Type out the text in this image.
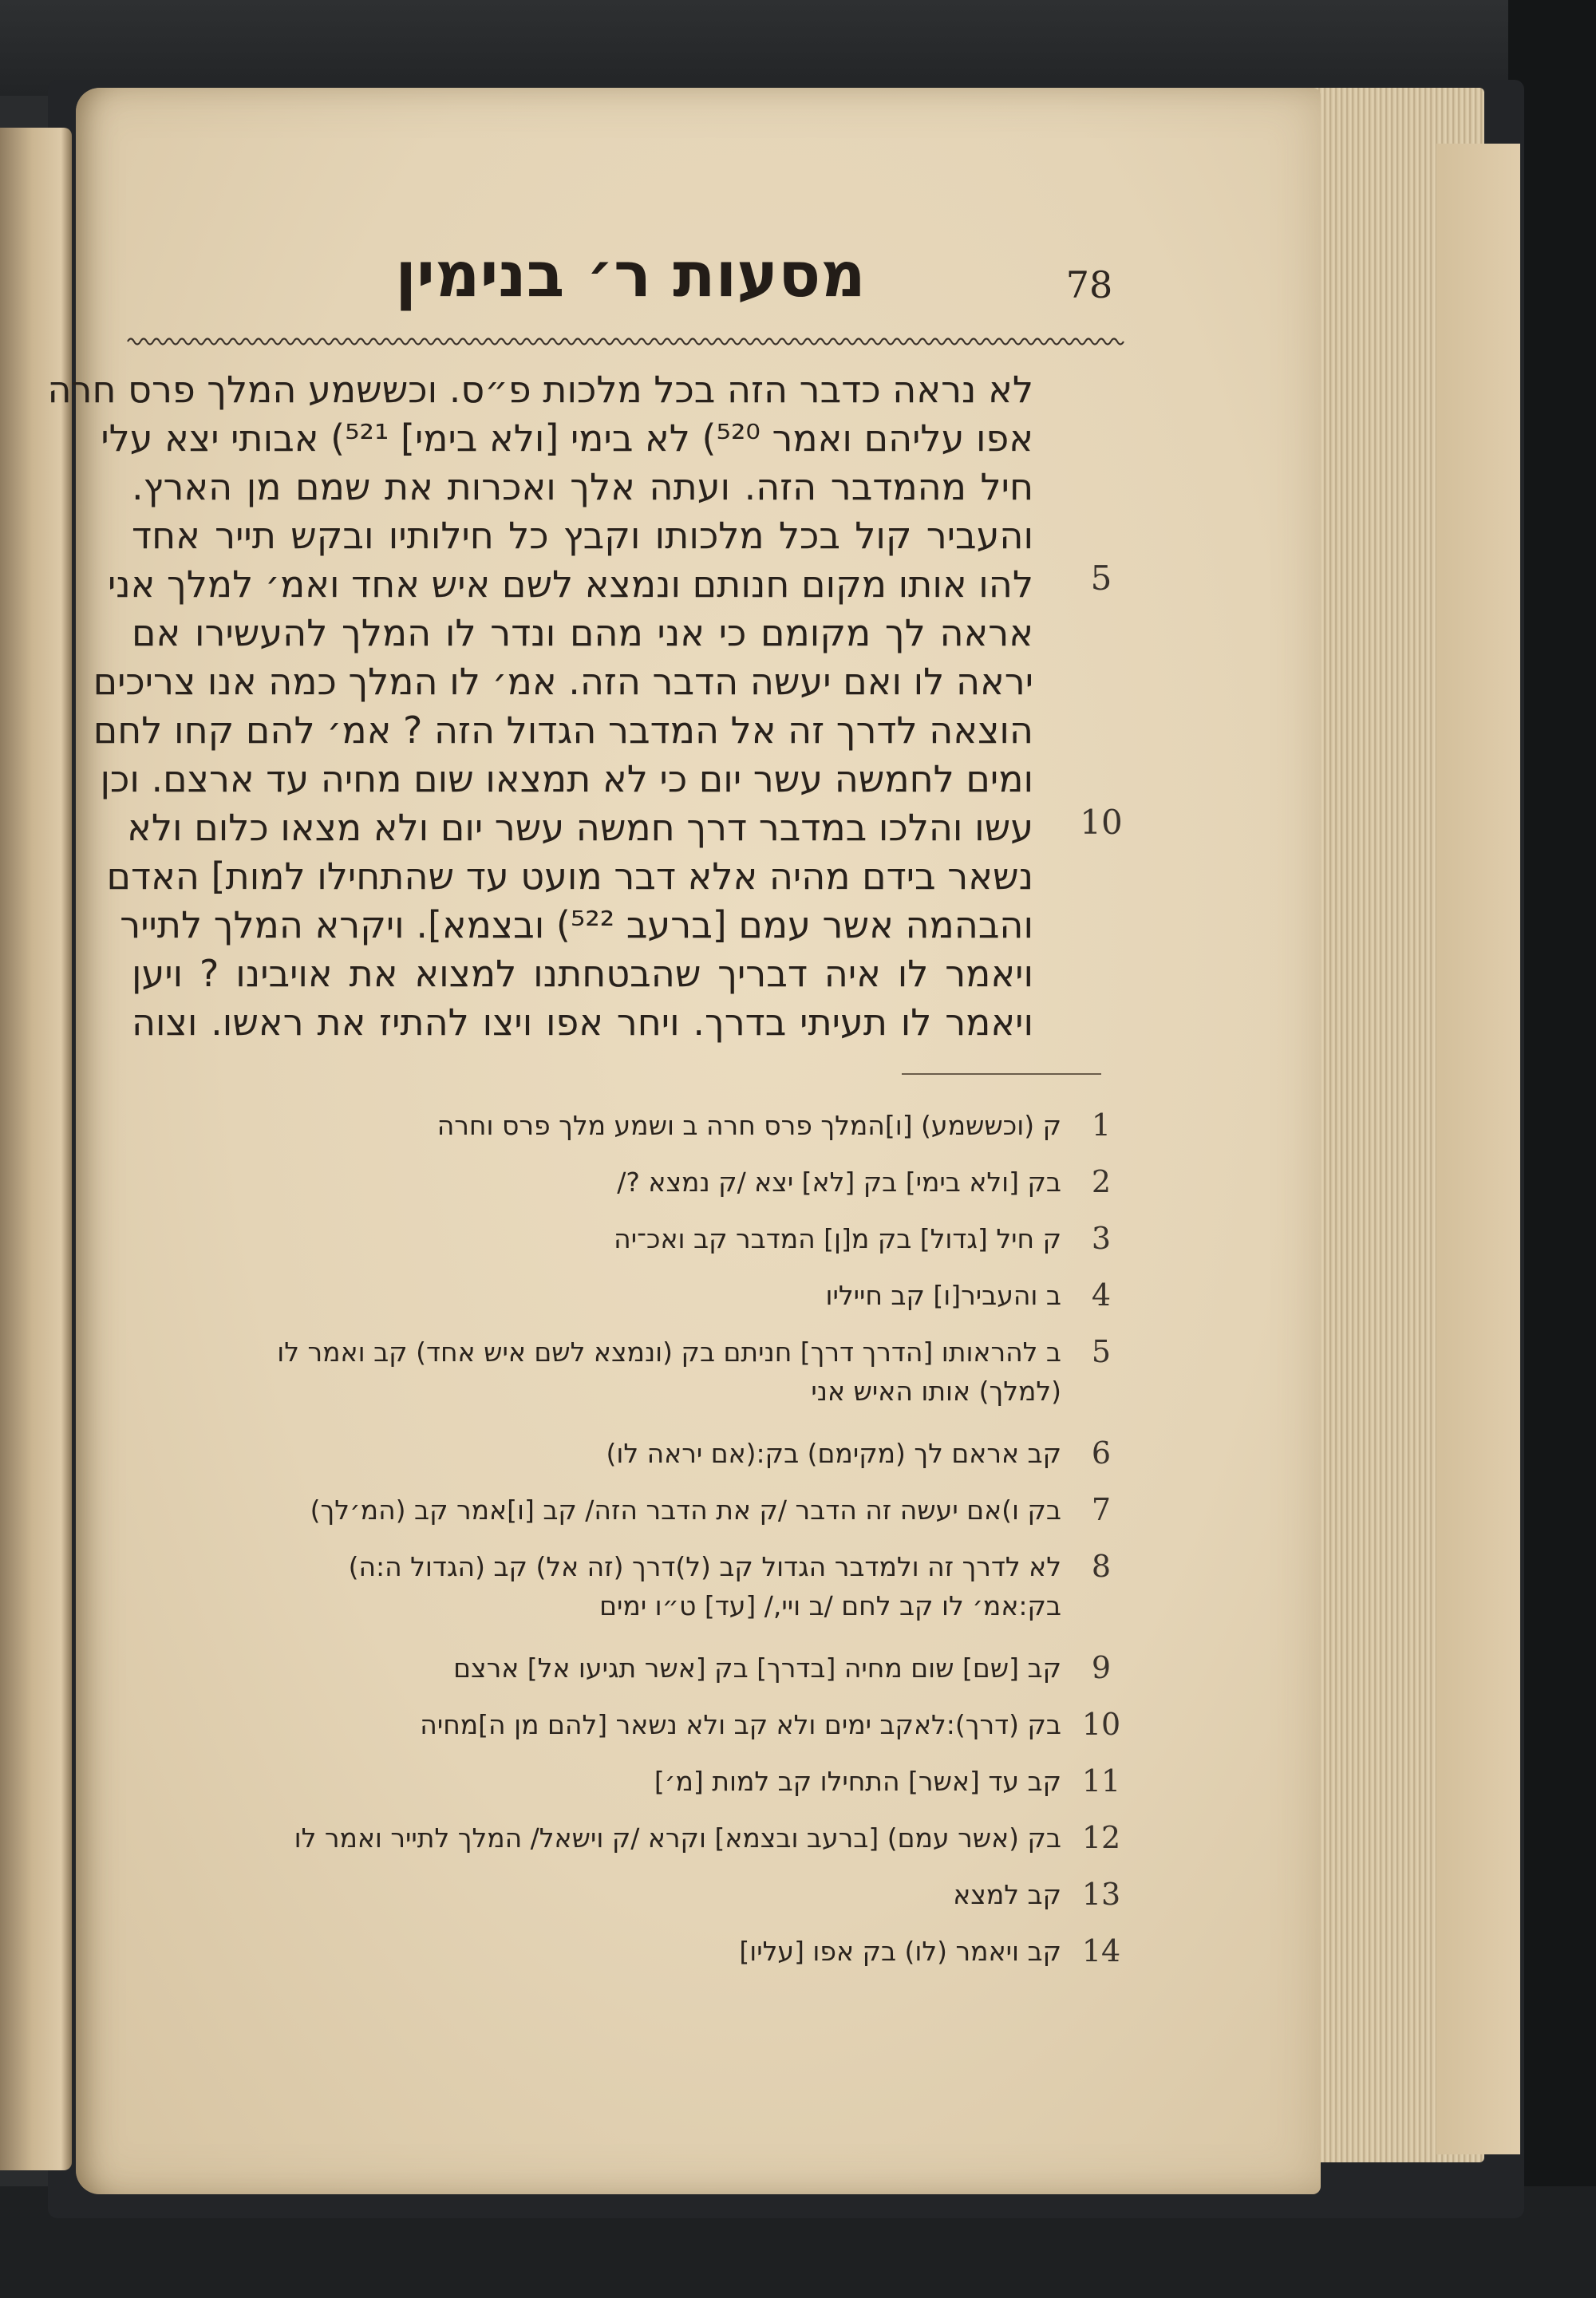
78
מסעות ר׳ בנימין
לא נראה כדבר הזה בכל מלכות פ״ס. וכששמע המלך פרס חרה
אפו עליהם ואמר ⁵²⁰) לא בימי [ולא בימי] ⁵²¹) אבותי יצא עלי
חיל מהמדבר הזה. ועתה אלך ואכרות את שמם מן הארץ.
והעביר קול בכל מלכותו וקבץ כל חילותיו ובקש תייר אחד
להו אותו מקום חנותם ונמצא לשם איש אחד ואמ׳ למלך אני
אראה לך מקומם כי אני מהם ונדר לו המלך להעשירו אם
יראה לו ואם יעשה הדבר הזה. אמ׳ לו המלך כמה אנו צריכים
הוצאה לדרך זה אל המדבר הגדול הזה ? אמ׳ להם קחו לחם
ומים לחמשה עשר יום כי לא תמצאו שום מחיה עד ארצם. וכן
עשו והלכו במדבר דרך חמשה עשר יום ולא מצאו כלום ולא
נשאר בידם מהיה אלא דבר מועט עד שהתחילו למות] האדם
והבהמה אשר עמם [ברעב ⁵²²) ובצמא]. ויקרא המלך לתייר
ויאמר לו איה דבריך שהבטחתנו למצוא את אויבינו ? ויען
ויאמר לו תעיתי בדרך. ויחר אפו ויצו להתיז את ראשו. וצוה
5
10
1
ק (וכששמע) [ו]המלך פרס חרה ב ושמע מלך פרס וחרה
2
בק [ולא בימי] בק [לא] יצא /ק נמצא ?/
3
ק חיל [גדול] בק מ[ן] המדבר קב ואכ־יה
4
ב והעביר[ו] קב חייליו
5
ב להראותו [הדרך דרך] חניתם בק (ונמצא לשם איש אחד) קב ואמר לו
(למלך) אותו האיש אני
6
קב אראם לך (מקימם) בק:(אם יראה לו)
7
בק ו)אם יעשה זה הדבר /ק את הדבר הזה/ קב [ו]אמר קב (המ׳לך)
8
לא לדרך זה ולמדבר הגדול קב (ל)דרך (זה אל) קב (הגדול ה:ה)
בק:אמ׳ לו קב לחם /ב ויי,/ [עד] ט״ו ימים
9
קב [שם] שום מחיה [בדרך] בק [אשר תגיעו אל] ארצם
10
בק (דרך):לאקב ימים ולא קב ולא נשאר [להם מן ה]מחיה
11
קב עד [אשר] התחילו קב למות [מ׳]
12
בק (אשר עמם) [ברעב ובצמא] וקרא /ק וישאל/ המלך לתייר ואמר לו
13
קב למצא
14
קב ויאמר (לו) בק אפו [עליו]
